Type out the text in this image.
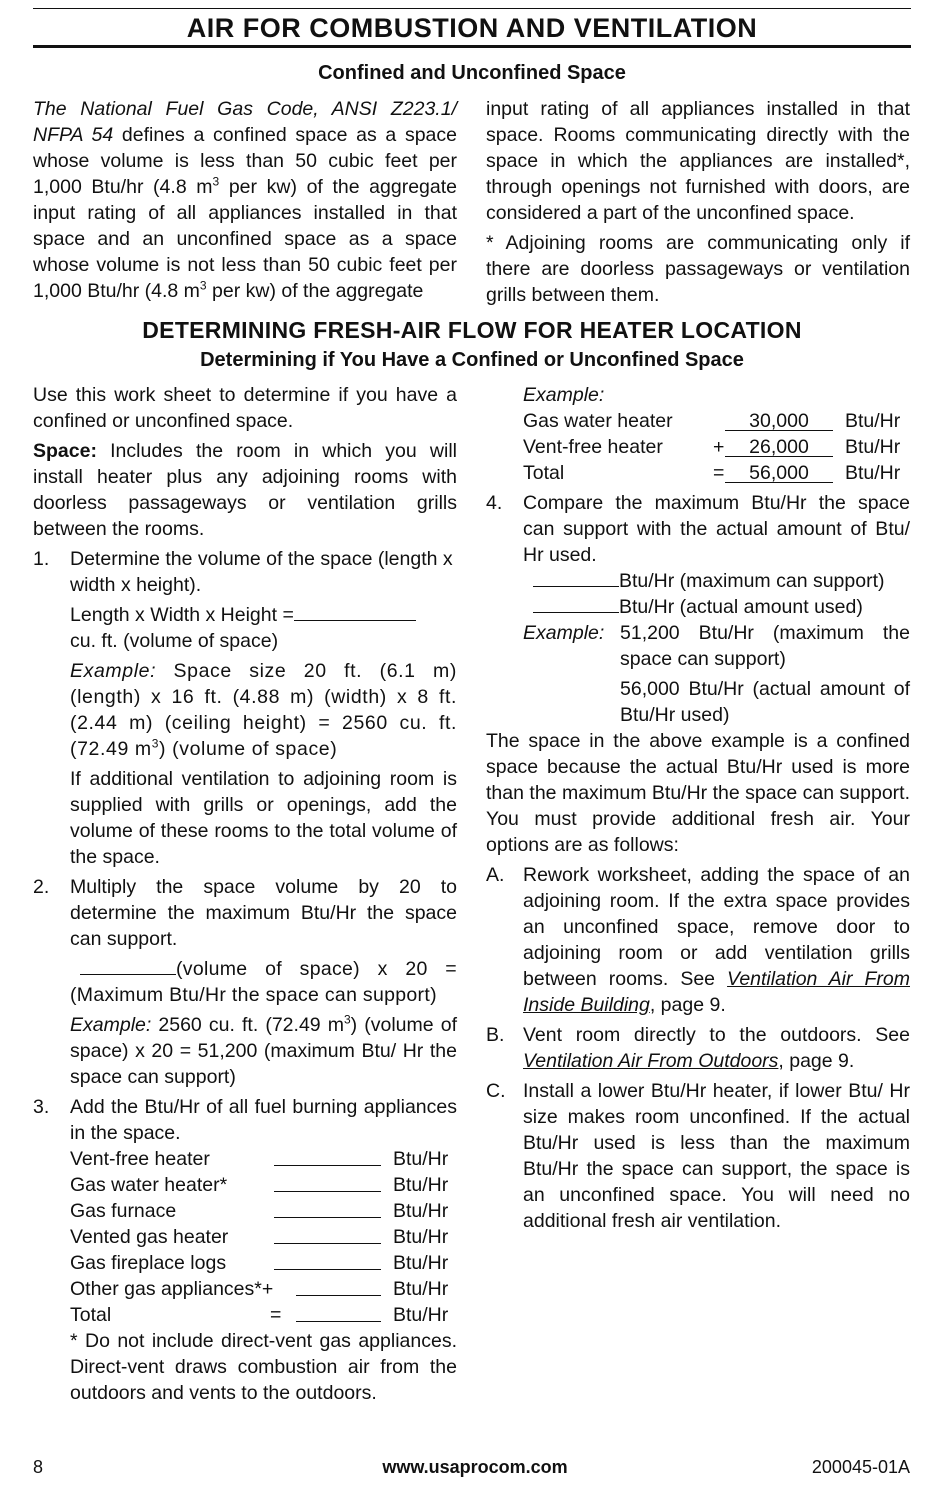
AIR FOR COMBUSTION AND VENTILATION
Confined and Unconfined Space

The National Fuel Gas Code, ANSI Z223.1/ NFPA 54 defines a confined space as a space whose volume is less than 50 cubic feet per 1,000 Btu/hr (4.8 $m^3$ per kw) of the aggregate input rating of all appliances installed in that space and an unconfined space as a space whose volume is not less than 50 cubic feet per 1,000 Btu/hr (4.8 $m^3$ per kw) of the aggregate

input rating of all appliances installed in that space. Rooms communicating directly with the space in which the appliances are installed*, through openings not furnished with doors, are considered a part of the unconfined space.

* Adjoining rooms are communicating only if there are doorless passageways or ventilation grills between them.

DETERMINING FRESH-AIR FLOW FOR HEATER LOCATION
Determining if You Have a Confined or Unconfined Space

Use this work sheet to determine if you have a confined or unconfined space.

Space: Includes the room in which you will install heater plus any adjoining rooms with doorless passageways or ventilation grills between the rooms.

1.	Determine the volume of the space (length x width x height).

Length x Width x Height =
cu. ft. (volume of space)

Example: Space size 20 ft. (6.1 m) (length) x 16 ft. (4.88 m) (width) x 8 ft. (2.44 m) (ceiling height) = 2560 cu. ft. (72.49 $m^3$) (volume of space)

If additional ventilation to adjoining room is supplied with grills or openings, add the volume of these rooms to the total volume of the space.

2.	Multiply the space volume by 20 to determine the maximum Btu/Hr the space can support.

(volume of space) x 20 = (Maximum Btu/Hr the space can support)

Example: 2560 cu. ft. (72.49 $m^3$) (volume of space) x 20 = 51,200 (maximum Btu/ Hr the space can support)

3.	Add the Btu/Hr of all fuel burning appliances in the space.

Vent-free heater	Btu/Hr
Gas water heater*	Btu/Hr
Gas furnace	Btu/Hr
Vented gas heater	Btu/Hr
Gas fireplace logs	Btu/Hr
Other gas appliances*+	Btu/Hr
Total	=	Btu/Hr

* Do not include direct-vent gas appliances. Direct-vent draws combustion air from the outdoors and vents to the outdoors.

Example:

Gas water heater	30,000	Btu/Hr
Vent-free heater	+	26,000	Btu/Hr
Total	=	56,000	Btu/Hr
4.	Compare the maximum Btu/Hr the space can support with the actual amount of Btu/ Hr used.

Btu/Hr (maximum can support)

Btu/Hr (actual amount used)

Example: 51,200 Btu/Hr (maximum the space can support)

56,000 Btu/Hr (actual amount of Btu/Hr used)

The space in the above example is a confined space because the actual Btu/Hr used is more than the maximum Btu/Hr the space can support. You must provide additional fresh air. Your options are as follows:

A. Rework worksheet, adding the space of an adjoining room. If the extra space provides an unconfined space, remove door to adjoining room or add ventilation grills between rooms. See Ventilation Air From Inside Building, page 9.
B. Vent room directly to the outdoors. See Ventilation Air From Outdoors, page 9.
C. Install a lower Btu/Hr heater, if lower Btu/ Hr size makes room unconfined. If the actual Btu/Hr used is less than the maximum Btu/Hr the space can support, the space is an unconfined space. You will need no additional fresh air ventilation.
8	www.usaprocom.com	200045-01A
